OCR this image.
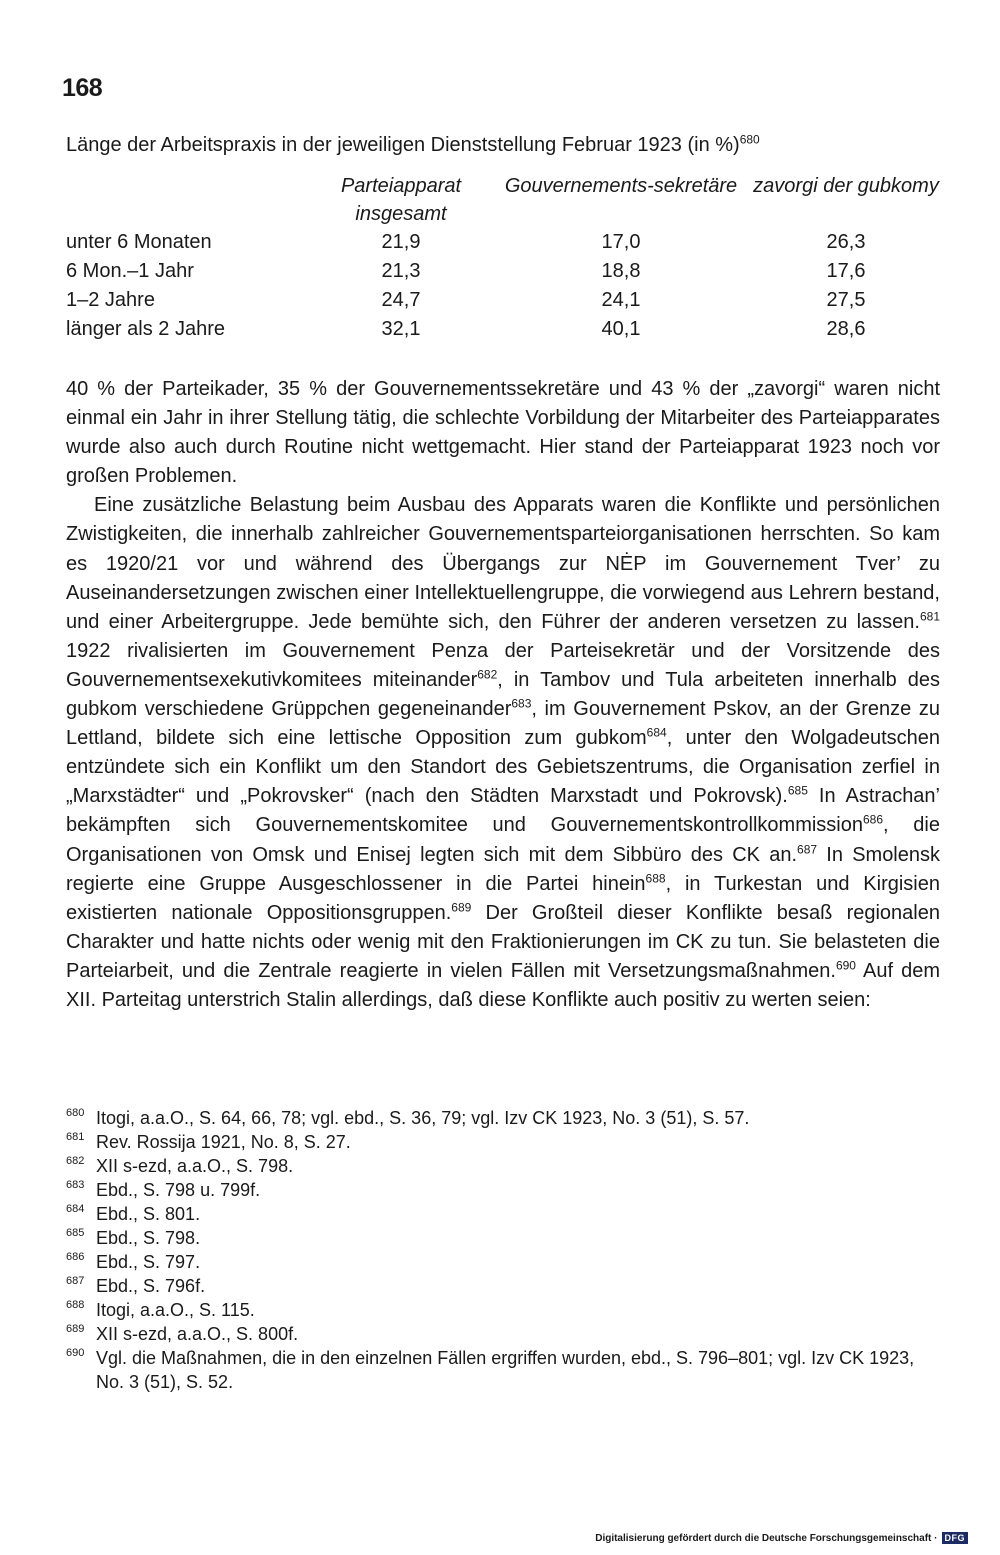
168
Länge der Arbeitspraxis in der jeweiligen Dienststellung Februar 1923 (in %)$^{680}$
	Parteiapparat insgesamt	Gouvernements-sekretäre	zavorgi der gubkomy
unter 6 Monaten	21,9	17,0	26,3
6 Mon.–1 Jahr	21,3	18,8	17,6
1–2 Jahre	24,7	24,1	27,5
länger als 2 Jahre	32,1	40,1	28,6

40 % der Parteikader, 35 % der Gouvernementssekretäre und 43 % der „zavorgi“ waren nicht einmal ein Jahr in ihrer Stellung tätig, die schlechte Vorbildung der Mitarbeiter des Parteiapparates wurde also auch durch Routine nicht wettgemacht. Hier stand der Parteiapparat 1923 noch vor großen Problemen.

Eine zusätzliche Belastung beim Ausbau des Apparats waren die Konflikte und persönlichen Zwistigkeiten, die innerhalb zahlreicher Gouvernementsparteiorganisationen herrschten. So kam es 1920/21 vor und während des Übergangs zur NĖP im Gouvernement Tver’ zu Auseinandersetzungen zwischen einer Intellektuellengruppe, die vorwiegend aus Lehrern bestand, und einer Arbeitergruppe. Jede bemühte sich, den Führer der anderen versetzen zu lassen.$^{681}$ 1922 rivalisierten im Gouvernement Penza der Parteisekretär und der Vorsitzende des Gouvernementsexekutivkomitees miteinander$^{682}$, in Tambov und Tula arbeiteten innerhalb des gubkom verschiedene Grüppchen gegeneinander$^{683}$, im Gouvernement Pskov, an der Grenze zu Lettland, bildete sich eine lettische Opposition zum gubkom$^{684}$, unter den Wolgadeutschen entzündete sich ein Konflikt um den Standort des Gebietszentrums, die Organisation zerfiel in „Marxstädter“ und „Pokrovsker“ (nach den Städten Marxstadt und Pokrovsk).$^{685}$ In Astrachan’ bekämpften sich Gouvernementskomitee und Gouvernementskontrollkommission$^{686}$, die Organisationen von Omsk und Enisej legten sich mit dem Sibbüro des CK an.$^{687}$ In Smolensk regierte eine Gruppe Ausgeschlossener in die Partei hinein$^{688}$, in Turkestan und Kirgisien existierten nationale Oppositionsgruppen.$^{689}$ Der Großteil dieser Konflikte besaß regionalen Charakter und hatte nichts oder wenig mit den Fraktionierungen im CK zu tun. Sie belasteten die Parteiarbeit, und die Zentrale reagierte in vielen Fällen mit Versetzungsmaßnahmen.$^{690}$ Auf dem XII. Parteitag unterstrich Stalin allerdings, daß diese Konflikte auch positiv zu werten seien:

680 Itogi, a.a.O., S. 64, 66, 78; vgl. ebd., S. 36, 79; vgl. Izv CK 1923, No. 3 (51), S. 57.
681 Rev. Rossija 1921, No. 8, S. 27.
682 XII s-ezd, a.a.O., S. 798.
683 Ebd., S. 798 u. 799f.
684 Ebd., S. 801.
685 Ebd., S. 798.
686 Ebd., S. 797.
687 Ebd., S. 796f.
688 Itogi, a.a.O., S. 115.
689 XII s-ezd, a.a.O., S. 800f.
690 Vgl. die Maßnahmen, die in den einzelnen Fällen ergriffen wurden, ebd., S. 796–801; vgl. Izv CK 1923, No. 3 (51), S. 52.
Digitalisierung gefördert durch die Deutsche Forschungsgemeinschaft · DFG
